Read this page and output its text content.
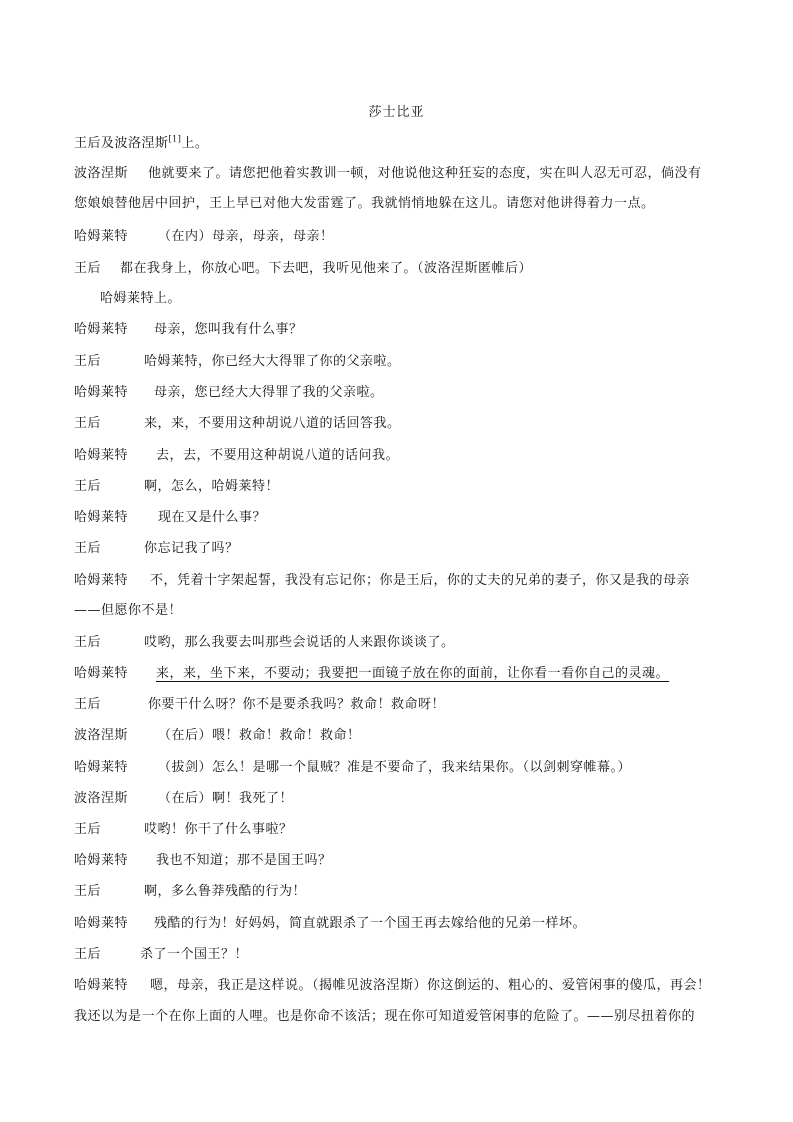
莎士比亚
王后及波洛涅斯[1]上。
波洛涅斯 他就要来了。请您把他着实教训一顿，对他说他这种狂妄的态度，实在叫人忍无可忍，倘没有
您娘娘替他居中回护，王上早已对他大发雷霆了。我就悄悄地躲在这儿。请您对他讲得着力一点。
哈姆莱特 （在内）母亲，母亲，母亲！
王后 都在我身上，你放心吧。下去吧，我听见他来了。（波洛涅斯匿帷后）
哈姆莱特上。
哈姆莱特 母亲，您叫我有什么事？
王后	哈姆莱特，你已经大大得罪了你的父亲啦。
哈姆莱特 母亲，您已经大大得罪了我的父亲啦。
王后	来，来，不要用这种胡说八道的话回答我。
哈姆莱特 去，去，不要用这种胡说八道的话问我。
王后	啊，怎么，哈姆莱特！
哈姆莱特 现在又是什么事？
王后	你忘记我了吗？
哈姆莱特 不，凭着十字架起誓，我没有忘记你；你是王后，你的丈夫的兄弟的妻子，你又是我的母亲
——但愿你不是！
王后	哎哟，那么我要去叫那些会说话的人来跟你谈谈了。
哈姆莱特 来，来，坐下来，不要动；我要把一面镜子放在你的面前，让你看一看你自己的灵魂。
王后	你要干什么呀？你不是要杀我吗？救命！救命呀！
波洛涅斯 （在后）喂！救命！救命！救命！
哈姆莱特 （拔剑）怎么！是哪一个鼠贼？准是不要命了，我来结果你。（以剑刺穿帷幕。）
波洛涅斯 （在后）啊！我死了！
王后	哎哟！你干了什么事啦？
哈姆莱特 我也不知道；那不是国王吗？
王后	啊，多么鲁莽残酷的行为！
哈姆莱特 残酷的行为！好妈妈，简直就跟杀了一个国王再去嫁给他的兄弟一样坏。
王后	杀了一个国王？！
哈姆莱特 嗯，母亲，我正是这样说。（揭帷见波洛涅斯）你这倒运的、粗心的、爱管闲事的傻瓜，再会！
我还以为是一个在你上面的人哩。也是你命不该活；现在你可知道爱管闲事的危险了。——别尽扭着你的
